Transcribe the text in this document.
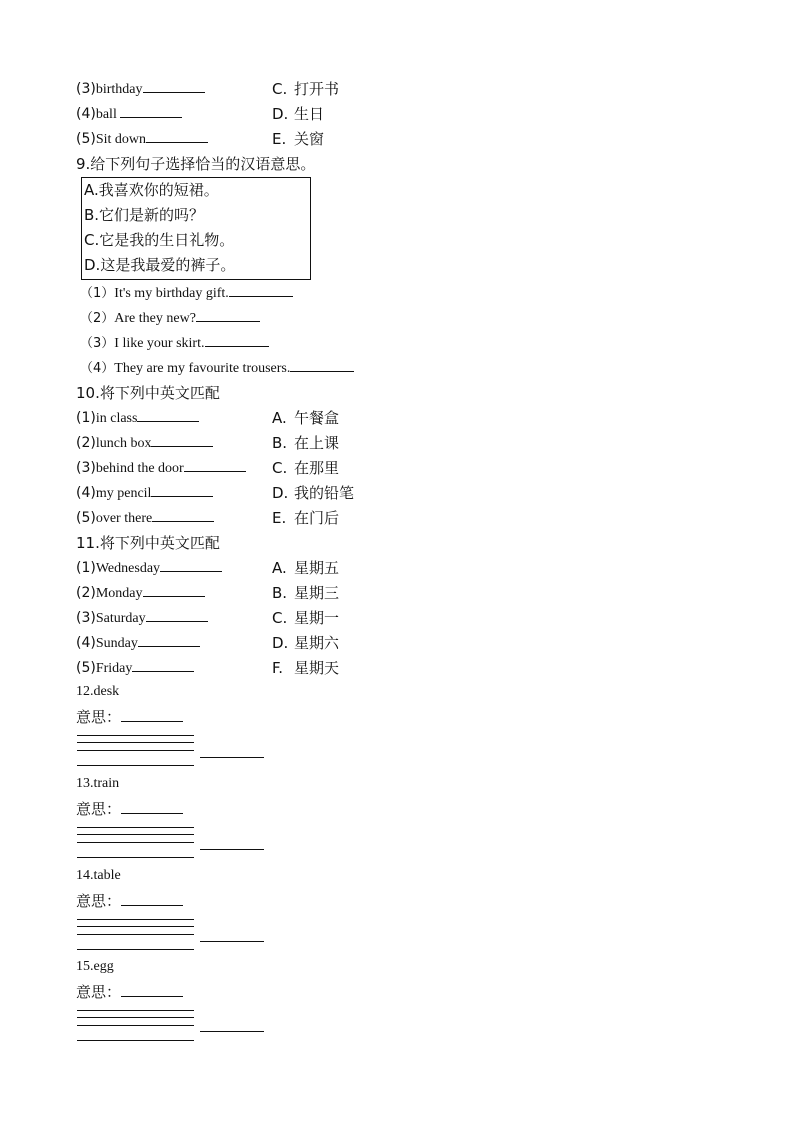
(3)birthday	C. 打开书
(4)ball	D. 生日
(5)Sit down	E. 关窗
9.给下列句子选择恰当的汉语意思。
A.我喜欢你的短裙。
B.它们是新的吗？
C.它是我的生日礼物。
D.这是我最爱的裤子。
（1）It's my birthday gift.
（2）Are they new?
（3）I like your skirt.
（4）They are my favourite trousers.
10.将下列中英文匹配
(1)in class	A. 午餐盒
(2)lunch box	B. 在上课
(3)behind the door	C. 在那里
(4)my pencil	D. 我的铅笔
(5)over there	E. 在门后
11.将下列中英文匹配
(1)Wednesday	A. 星期五
(2)Monday	B. 星期三
(3)Saturday	C. 星期一
(4)Sunday	D. 星期六
(5)Friday	F. 星期天
12.desk
意思：
13.train
意思：
14.table
意思：
15.egg
意思：
